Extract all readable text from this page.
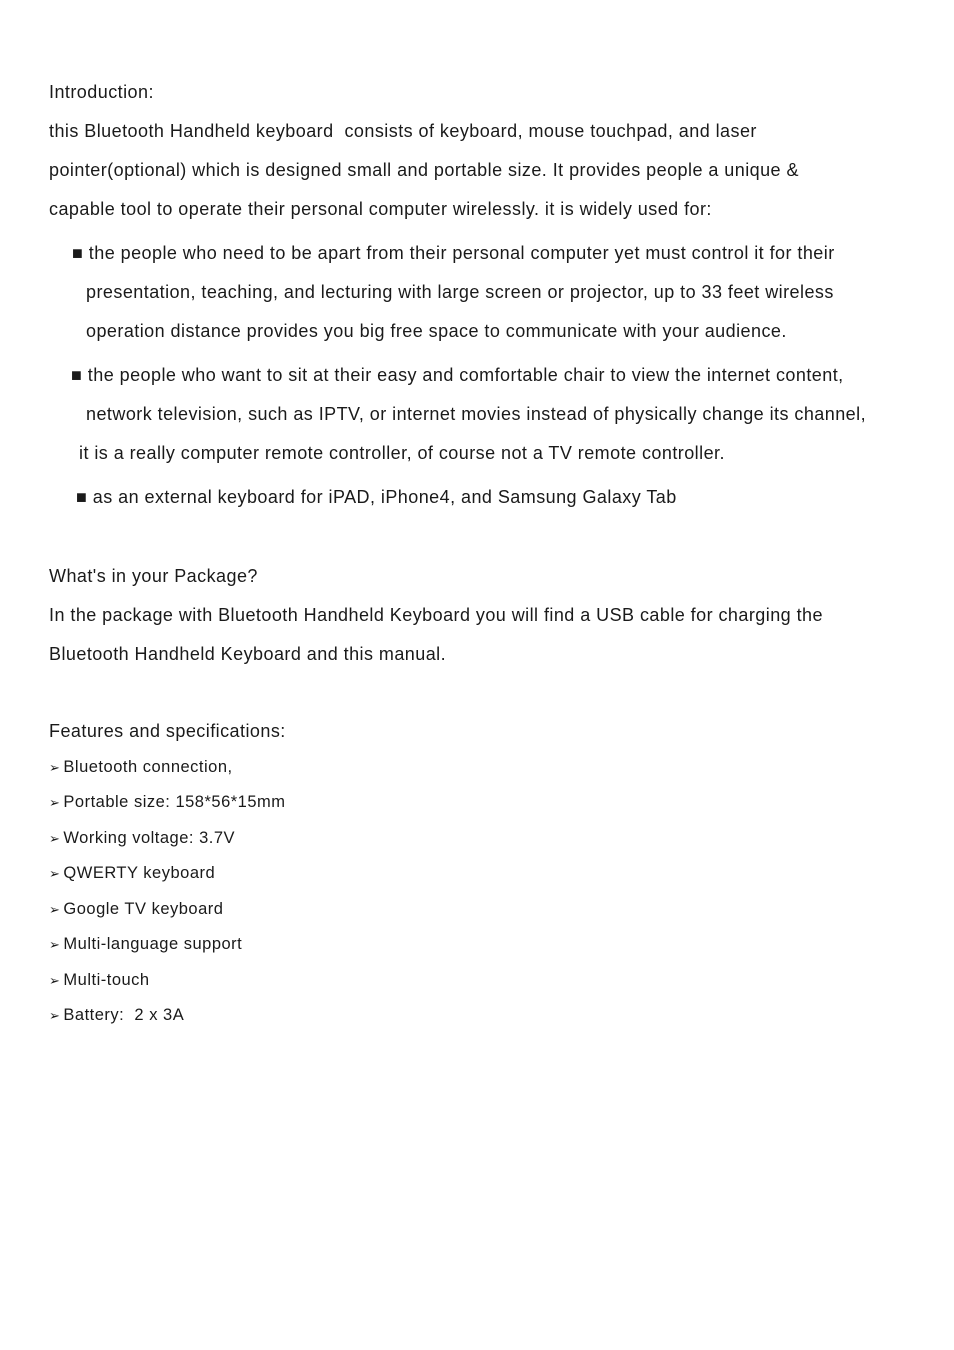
Introduction:
this Bluetooth Handheld keyboard  consists of keyboard, mouse touchpad, and laser
pointer(optional) which is designed small and portable size. It provides people a unique &
capable tool to operate their personal computer wirelessly. it is widely used for:
■ the people who need to be apart from their personal computer yet must control it for their
presentation, teaching, and lecturing with large screen or projector, up to 33 feet wireless
operation distance provides you big free space to communicate with your audience.
■ the people who want to sit at their easy and comfortable chair to view the internet content,
network television, such as IPTV, or internet movies instead of physically change its channel,
it is a really computer remote controller, of course not a TV remote controller.
■ as an external keyboard for iPAD, iPhone4, and Samsung Galaxy Tab
What's in your Package?
In the package with Bluetooth Handheld Keyboard you will find a USB cable for charging the
Bluetooth Handheld Keyboard and this manual.
Features and specifications:
➢ Bluetooth connection,
➢ Portable size: 158*56*15mm
➢ Working voltage: 3.7V
➢ QWERTY keyboard
➢ Google TV keyboard
➢ Multi-language support
➢ Multi-touch
➢ Battery:  2 x 3A
